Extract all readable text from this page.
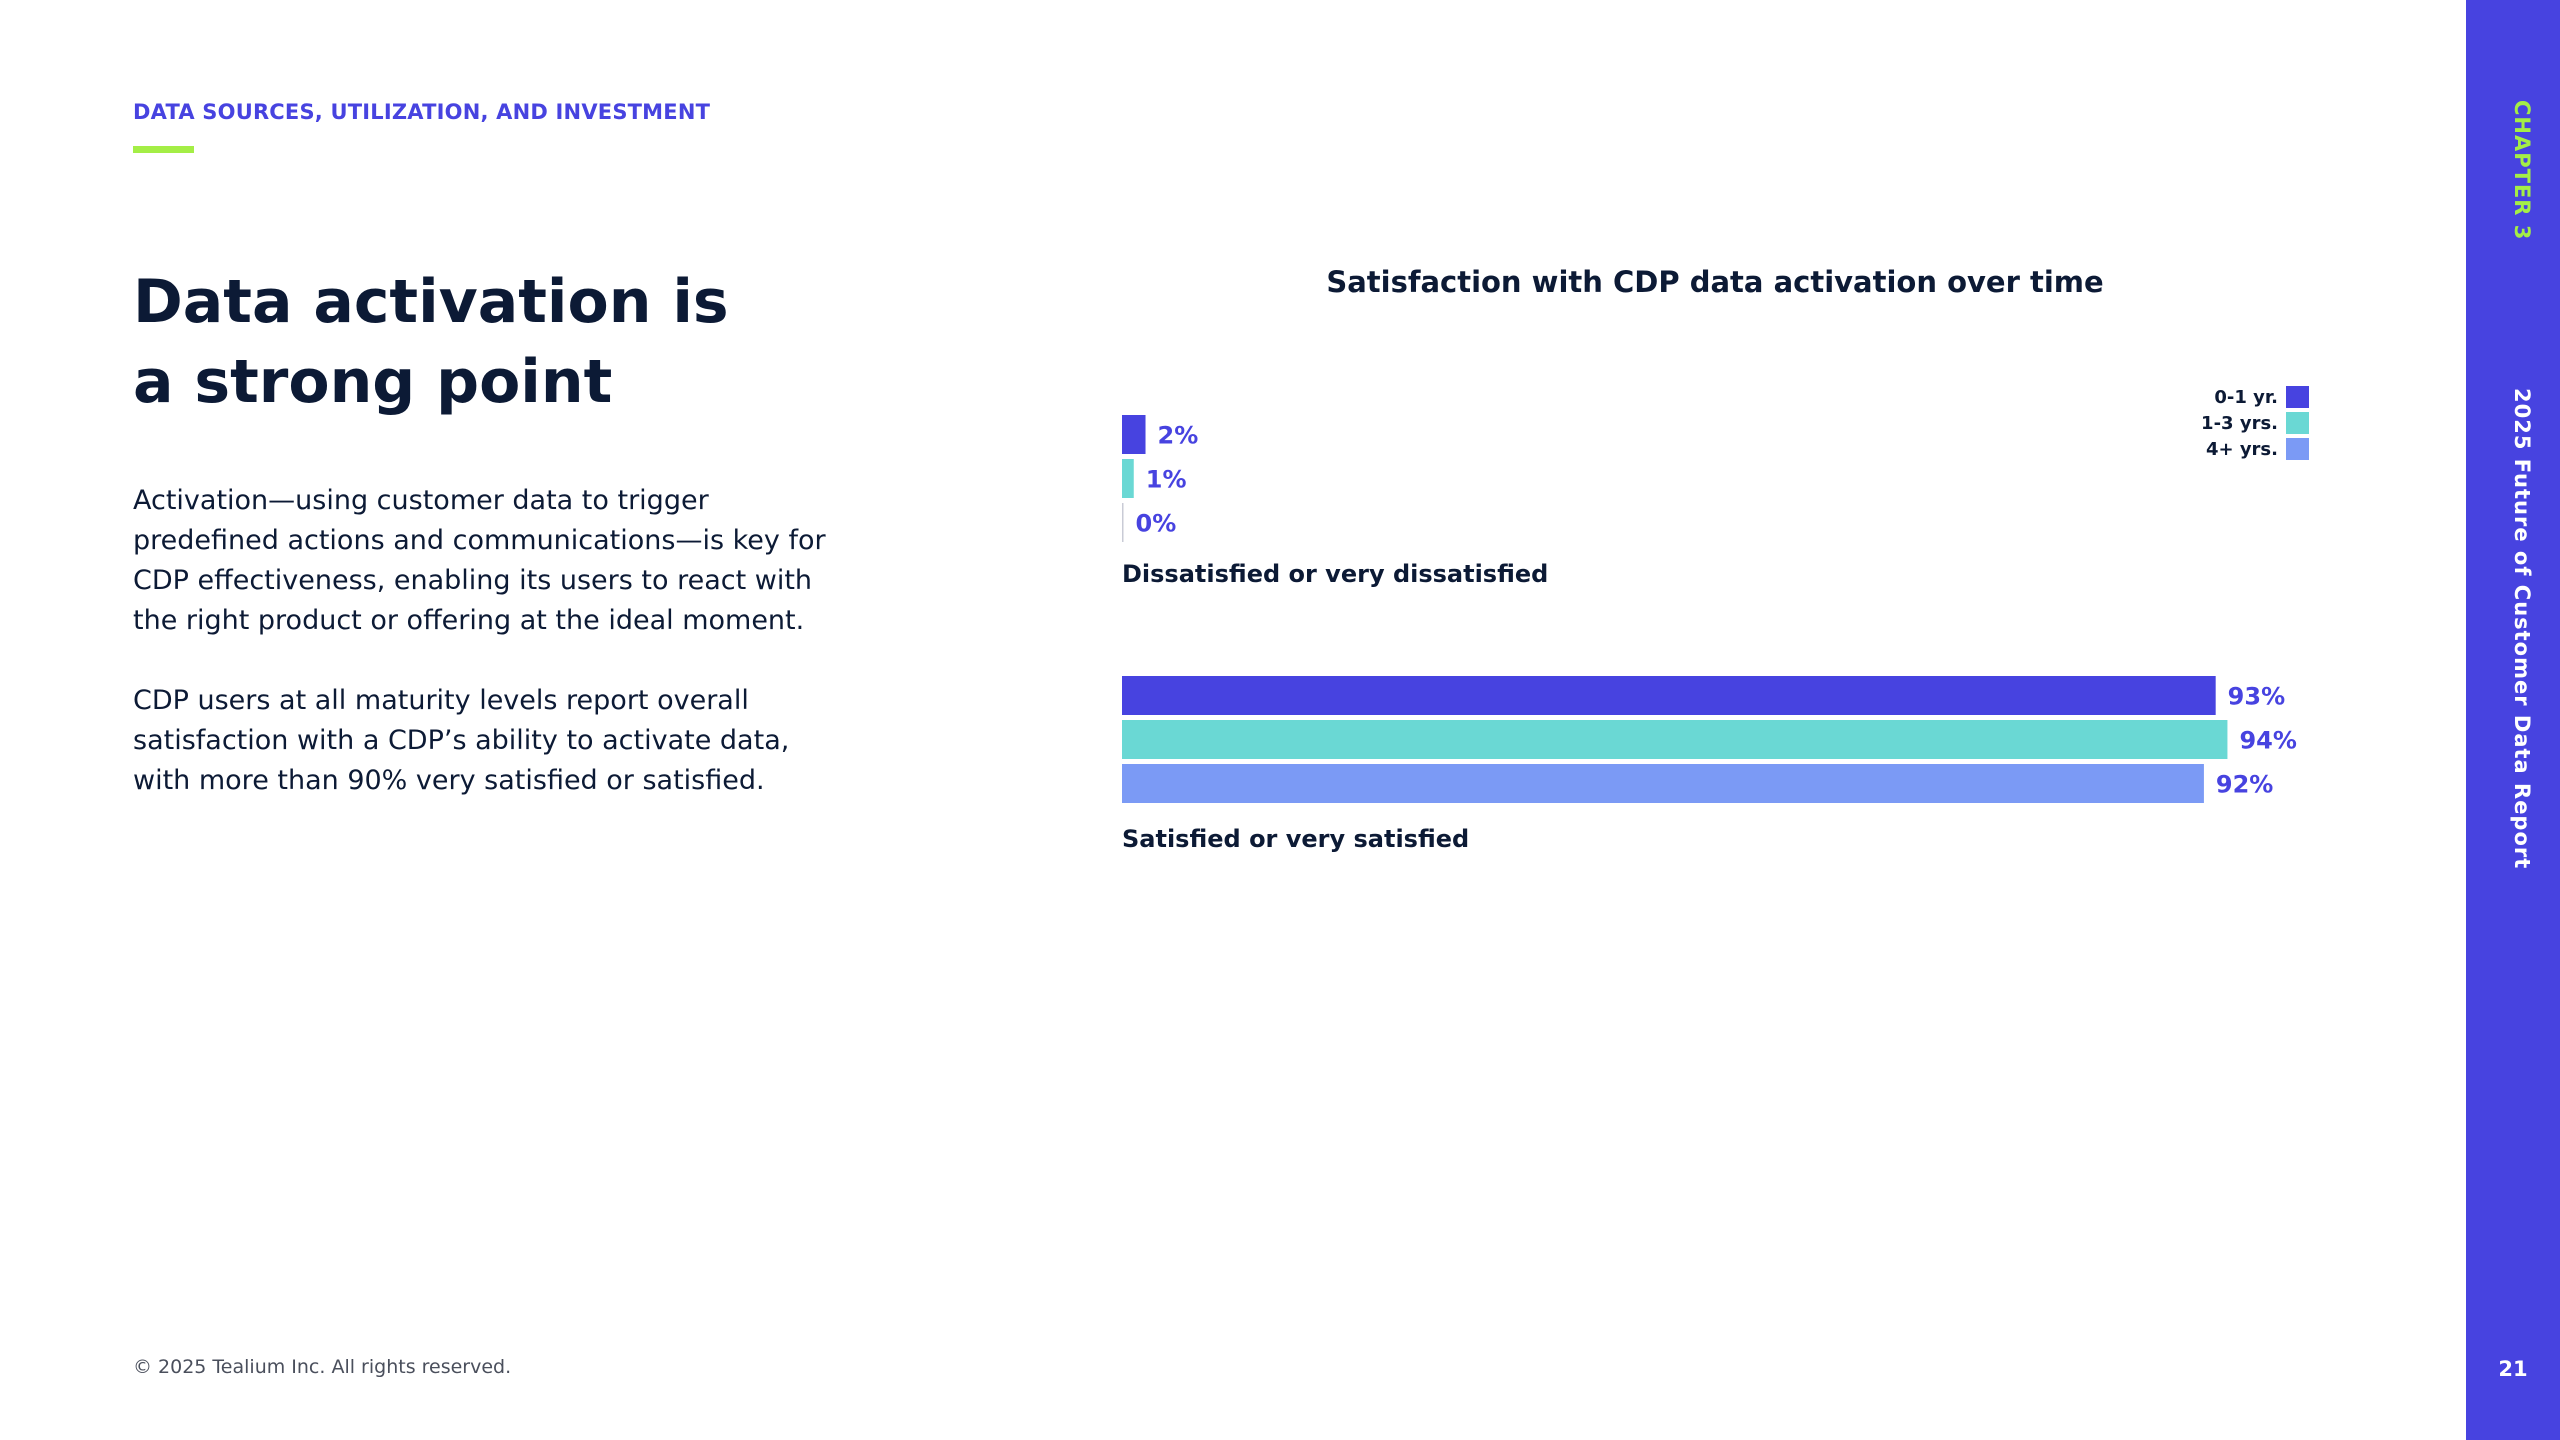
DATA SOURCES, UTILIZATION, AND INVESTMENT
Data activation is
a strong point

Activation—using customer data to trigger predefined actions and communications—is key for CDP effectiveness, enabling its users to react with the right product or offering at the ideal moment.

CDP users at all maturity levels report overall satisfaction with a CDP’s ability to activate data, with more than 90% very satisfied or satisfied.

© 2025 Tealium Inc. All rights reserved.
CHAPTER 3
2025 Future of Customer Data Report
21
Satisfaction with CDP data activation over time
0-1 yr.
1-3 yrs.
4+ yrs.
2%
1%
0%
Dissatisfied or very dissatisfied
93%
94%
92%
Satisfied or very satisfied
